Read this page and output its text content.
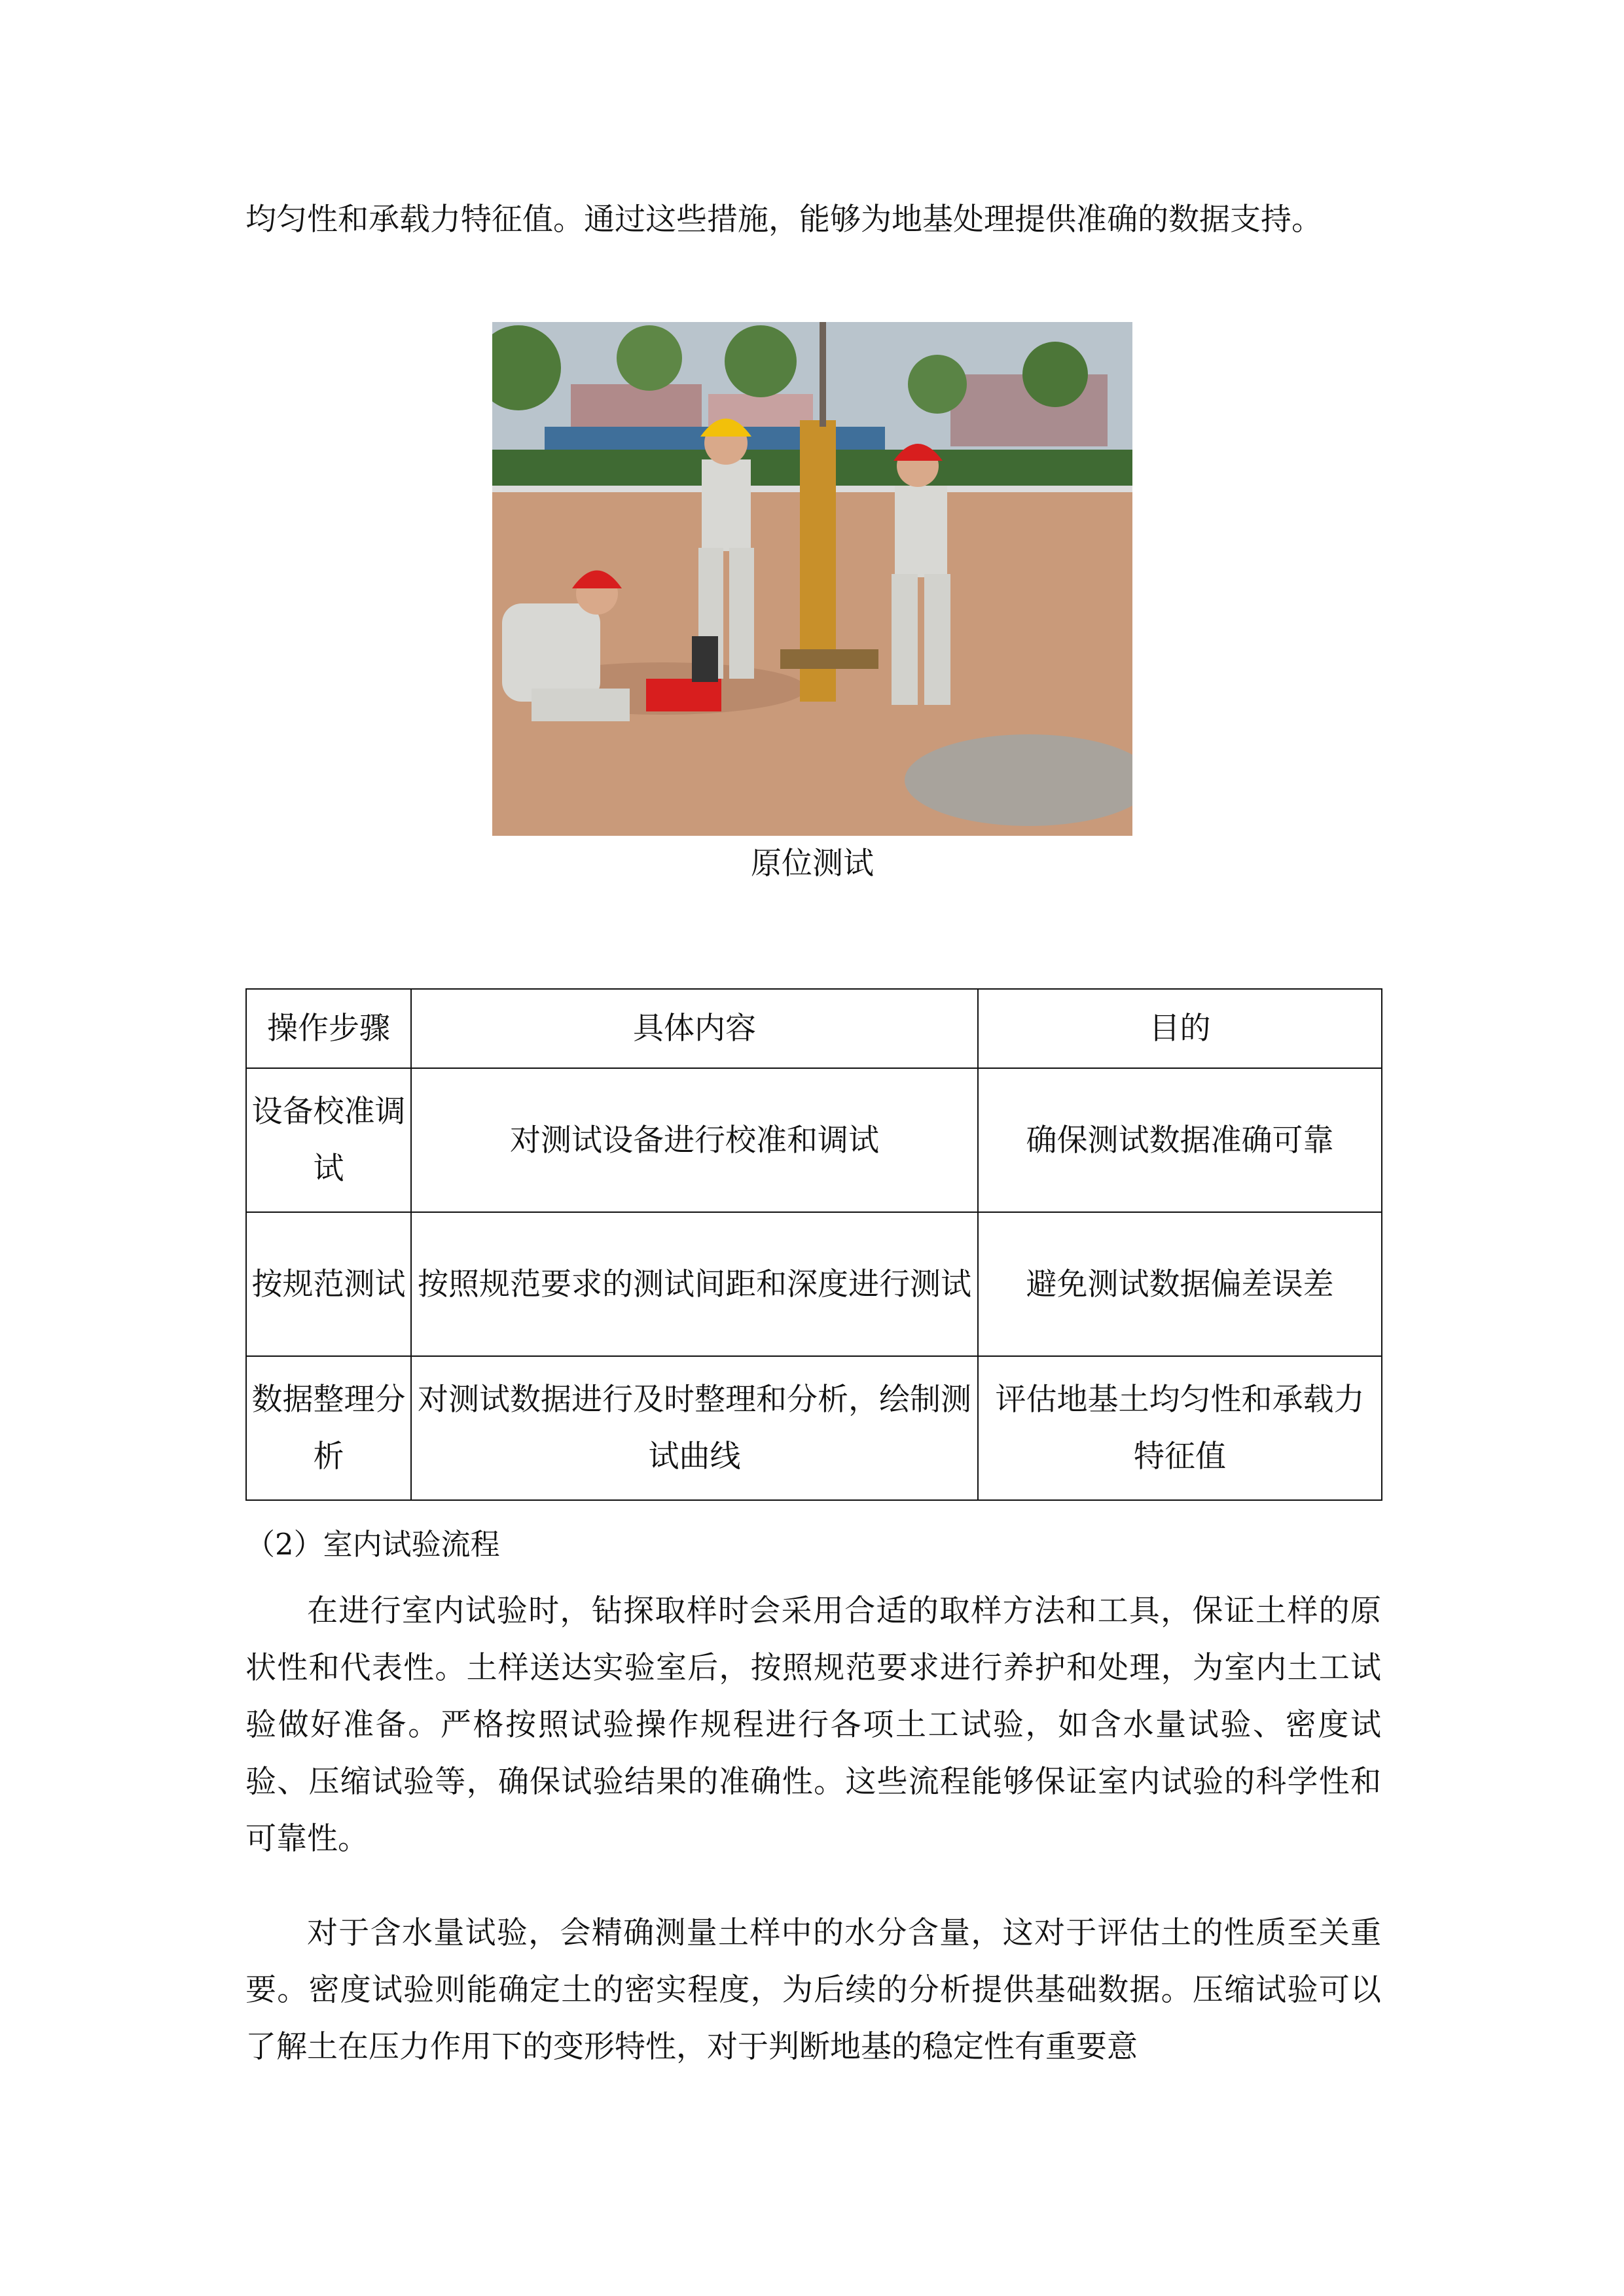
均匀性和承载力特征值。通过这些措施，能够为地基处理提供准确的数据支持。

原位测试
操作步骤	具体内容	目的
设备校准调试	对测试设备进行校准和调试	确保测试数据准确可靠
按规范测试	按照规范要求的测试间距和深度进行测试	避免测试数据偏差误差
数据整理分析	对测试数据进行及时整理和分析，绘制测试曲线	评估地基土均匀性和承载力特征值

（2）室内试验流程

在进行室内试验时，钻探取样时会采用合适的取样方法和工具，保证土样的原状性和代表性。土样送达实验室后，按照规范要求进行养护和处理，为室内土工试验做好准备。严格按照试验操作规程进行各项土工试验，如含水量试验、密度试验、压缩试验等，确保试验结果的准确性。这些流程能够保证室内试验的科学性和可靠性。

对于含水量试验，会精确测量土样中的水分含量，这对于评估土的性质至关重要。密度试验则能确定土的密实程度，为后续的分析提供基础数据。压缩试验可以了解土在压力作用下的变形特性，对于判断地基的稳定性有重要意
